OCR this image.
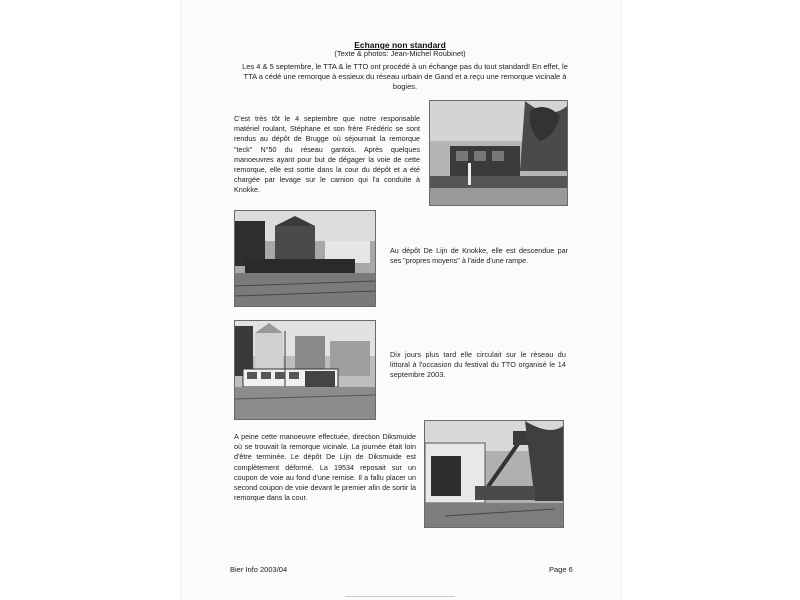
Echange non standard
(Texte & photos: Jean-Michel Roubinet)
Les 4 & 5 septembre, le TTA & le TTO ont procédé à un échange pas du tout standard! En effet, le TTA a cédé une remorque à essieux du réseau urbain de Gand et a reçu une remorque vicinale à bogies.
C'est très tôt le 4 septembre que notre responsable matériel roulant, Stéphane et son frère Frédéric se sont rendus au dépôt de Brugge où séjournait la remorque "teck" N°50 du réseau gantois. Après quelques manoeuvres ayant pour but de dégager la voie de cette remorque, elle est sortie dans la cour du dépôt et a été chargée par levage sur le camion qui l'a conduite à Knokke.
Au dépôt De Lijn de Knokke, elle est descendue par ses "propres moyens" à l'aide d'une rampe.
Dix jours plus tard elle circulait sur le réseau du littoral à l'occasion du festival du TTO organisé le 14 septembre 2003.
A peine cette manoeuvre effectuée, direction Diksmuide où se trouvait la remorque vicinale. La journée était loin d'être terminée. Le dépôt De Lijn de Diksmuide est complètement déformé. La 19534 reposait sur un coupon de voie au fond d'une remise. Il a fallu placer un second coupon de voie devant le premier afin de sortir la remorque dans la cour.
Bier Info 2003/04	Page 6
